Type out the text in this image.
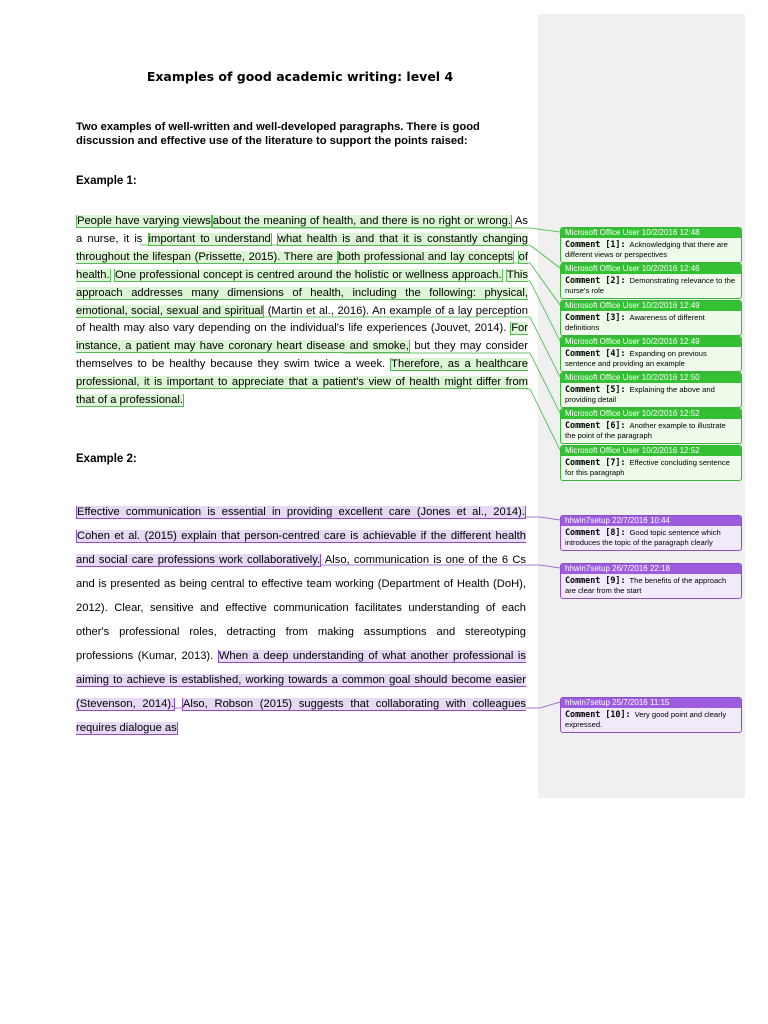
Examples of good academic writing: level 4
Two examples of well-written and well-developed paragraphs. There is good discussion and effective use of the literature to support the points raised:
Example 1:
People have varying views about the meaning of health, and there is no right or wrong. As a nurse, it is important to understand what health is and that it is constantly changing throughout the lifespan (Prissette, 2015). There are both professional and lay concepts of health. One professional concept is centred around the holistic or wellness approach. This approach addresses many dimensions of health, including the following: physical, emotional, social, sexual and spiritual (Martin et al., 2016). An example of a lay perception of health may also vary depending on the individual's life experiences (Jouvet, 2014). For instance, a patient may have coronary heart disease and smoke, but they may consider themselves to be healthy because they swim twice a week. Therefore, as a healthcare professional, it is important to appreciate that a patient's view of health might differ from that of a professional.
Example 2:
Effective communication is essential in providing excellent care (Jones et al., 2014). Cohen et al. (2015) explain that person-centred care is achievable if the different health and social care professions work collaboratively. Also, communication is one of the 6 Cs and is presented as being central to effective team working (Department of Health (DoH), 2012). Clear, sensitive and effective communication facilitates understanding of each other's professional roles, detracting from making assumptions and stereotyping professions (Kumar, 2013). When a deep understanding of what another professional is aiming to achieve is established, working towards a common goal should become easier (Stevenson, 2014). Also, Robson (2015) suggests that collaborating with colleagues requires dialogue as
Microsoft Office User 10/2/2016 12:48
Comment [1]: Acknowledging that there are different views or perspectives
Microsoft Office User 10/2/2016 12:46
Comment [2]: Demonstrating relevance to the nurse's role
Microsoft Office User 10/2/2016 12:49
Comment [3]: Awareness of different definitions
Microsoft Office User 10/2/2016 12:49
Comment [4]: Expanding on previous sentence and providing an example
Microsoft Office User 10/2/2016 12:50
Comment [5]: Explaining the above and providing detail
Microsoft Office User 10/2/2016 12:52
Comment [6]: Another example to illustrate the point of the paragraph
Microsoft Office User 10/2/2016 12:52
Comment [7]: Effective concluding sentence for this paragraph
hhwin7setup 22/7/2016 10:44
Comment [8]: Good topic sentence which introduces the topic of the paragraph clearly
hhwin7setup 26/7/2016 22:18
Comment [9]: The benefits of the approach are clear from the start
hhwin7setup 25/7/2016 11:15
Comment [10]: Very good point and clearly expressed.
